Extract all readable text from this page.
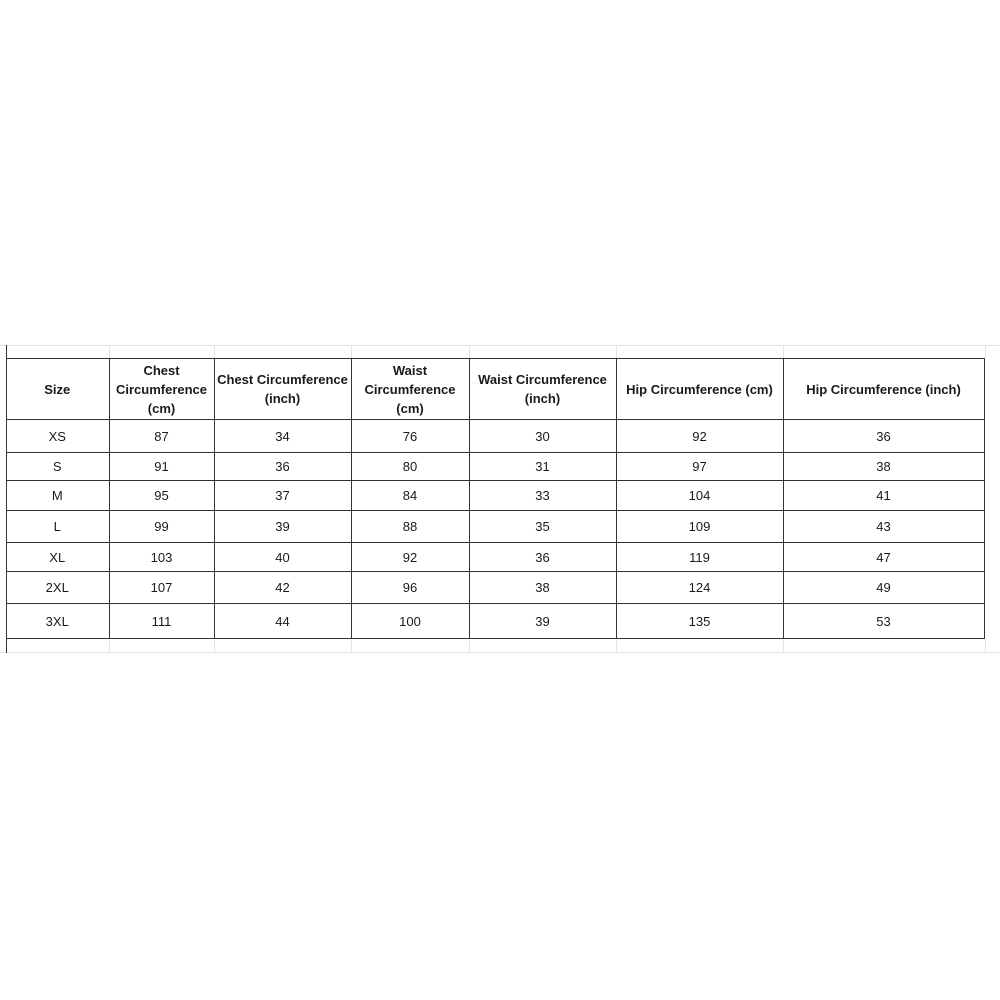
Size	Chest Circumference (cm)	Chest Circumference (inch)	Waist Circumference (cm)	Waist Circumference (inch)	Hip Circumference (cm)	Hip Circumference (inch)
XS	87	34	76	30	92	36
S	91	36	80	31	97	38
M	95	37	84	33	104	41
L	99	39	88	35	109	43
XL	103	40	92	36	119	47
2XL	107	42	96	38	124	49
3XL	111	44	100	39	135	53
